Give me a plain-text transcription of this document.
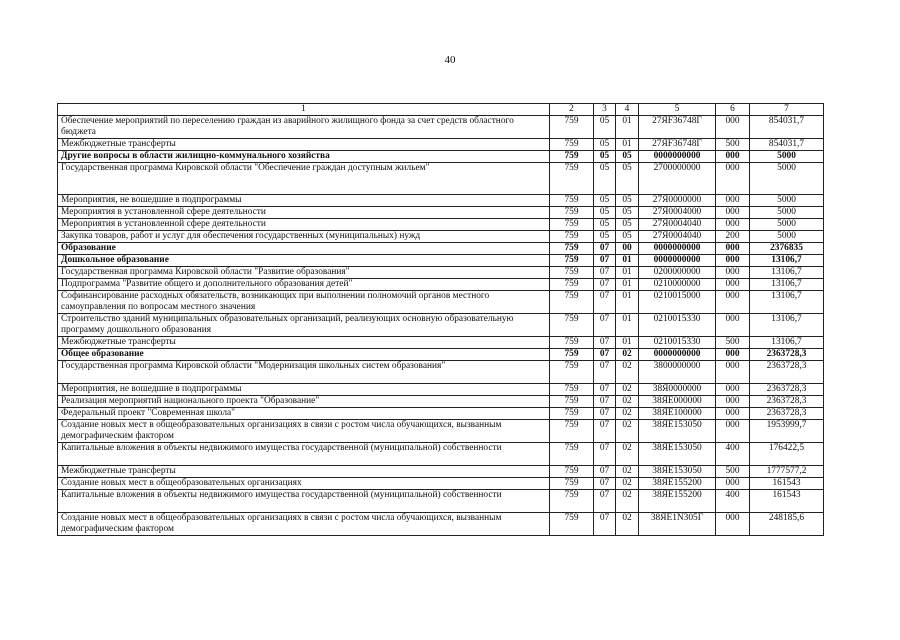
40
1	2	3	4	5	6	7
Обеспечение мероприятий по переселению граждан из аварийного жилищного фонда за счет средств областного бюджета	759	05	01	27ЯF36748Г	000	854031,7
Межбюджетные трансферты	759	05	01	27ЯF36748Г	500	854031,7
Другие вопросы в области жилищно-коммунального хозяйства	759	05	05	0000000000	000	5000
Государственная программа Кировской области "Обеспечение граждан доступным жильем"	759	05	05	2700000000	000	5000
Мероприятия, не вошедшие в подпрограммы	759	05	05	27Я0000000	000	5000
Мероприятия в установленной сфере деятельности	759	05	05	27Я0004000	000	5000
Мероприятия в установленной сфере деятельности	759	05	05	27Я0004040	000	5000
Закупка товаров, работ и услуг для обеспечения государственных (муниципальных) нужд	759	05	05	27Я0004040	200	5000
Образование	759	07	00	0000000000	000	2376835
Дошкольное образование	759	07	01	0000000000	000	13106,7
Государственная программа Кировской области "Развитие образования"	759	07	01	0200000000	000	13106,7
Подпрограмма "Развитие общего и дополнительного образования детей"	759	07	01	0210000000	000	13106,7
Софинансирование расходных обязательств, возникающих при выполнении полномочий органов местного самоуправления по вопросам местного значения	759	07	01	0210015000	000	13106,7
Строительство зданий муниципальных образовательных организаций, реализующих основную образовательную программу дошкольного образования	759	07	01	0210015330	000	13106,7
Межбюджетные трансферты	759	07	01	0210015330	500	13106,7
Общее образование	759	07	02	0000000000	000	2363728,3
Государственная программа Кировской области "Модернизация школьных систем образования"	759	07	02	3800000000	000	2363728,3
Мероприятия, не вошедшие в подпрограммы	759	07	02	38Я0000000	000	2363728,3
Реализация мероприятий национального проекта "Образование"	759	07	02	38ЯЕ000000	000	2363728,3
Федеральный проект "Современная школа"	759	07	02	38ЯЕ100000	000	2363728,3
Создание новых мест в общеобразовательных организациях в связи с ростом числа обучающихся, вызванным демографическим фактором	759	07	02	38ЯЕ153050	000	1953999,7
Капитальные вложения в объекты недвижимого имущества государственной (муниципальной) собственности	759	07	02	38ЯЕ153050	400	176422,5
Межбюджетные трансферты	759	07	02	38ЯЕ153050	500	1777577,2
Создание новых мест в общеобразовательных организациях	759	07	02	38ЯЕ155200	000	161543
Капитальные вложения в объекты недвижимого имущества государственной (муниципальной) собственности	759	07	02	38ЯЕ155200	400	161543
Создание новых мест в общеобразовательных организациях в связи с ростом числа обучающихся, вызванным демографическим фактором	759	07	02	38ЯЕ1N305Г	000	248185,6
